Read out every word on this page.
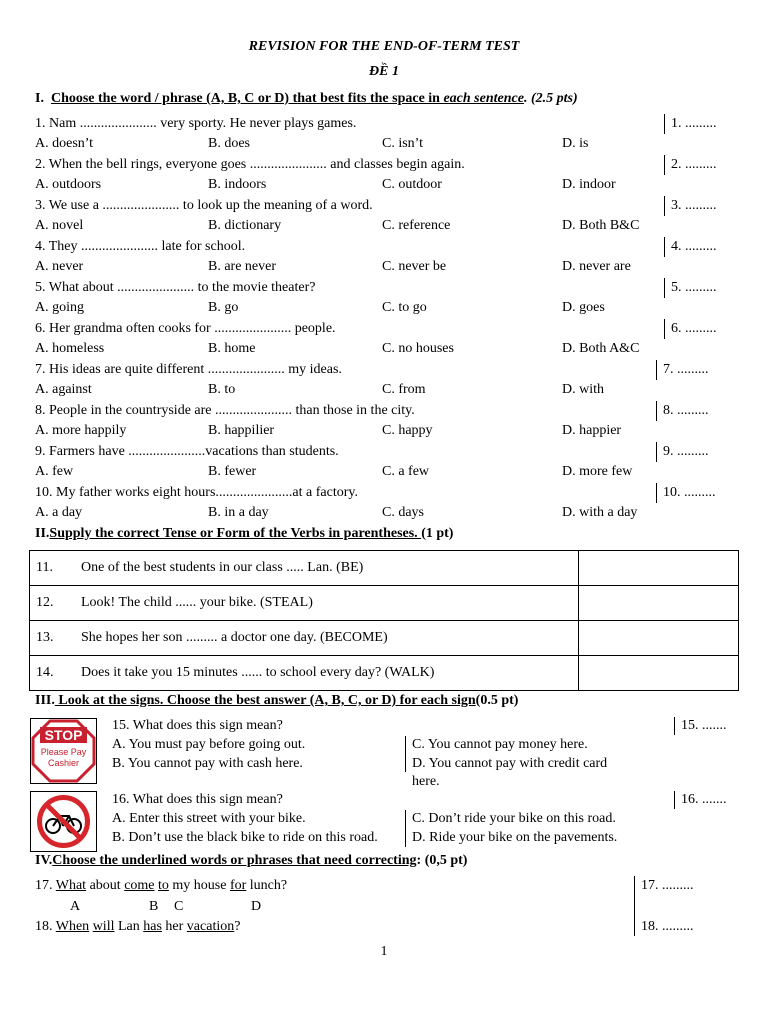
REVISION FOR THE END-OF-TERM TEST
ĐỀ 1
I. Choose the word / phrase (A, B, C or D) that best fits the space in each sentence. (2.5 pts)
1. Nam ...................... very sporty. He never plays games.	1. .........
A. doesn’t	B. does	C. isn’t	D. is
2. When the bell rings, everyone goes ...................... and classes begin again.	2. .........
A. outdoors	B. indoors	C. outdoor	D. indoor
3. We use a ...................... to look up the meaning of a word.	3. .........
A. novel	B. dictionary	C. reference	D. Both B&C
4. They ...................... late for school.	4. .........
A. never	B. are never	C. never be	D. never are
5. What about ...................... to the movie theater?	5. .........
A. going	B. go	C. to go	D. goes
6. Her grandma often cooks for ...................... people.	6. .........
A. homeless	B. home	C. no houses	D. Both A&C
7. His ideas are quite different ...................... my ideas.	7. .........
A. against	B. to	C. from	D. with
8. People in the countryside are ...................... than those in the city.	8. .........
A. more happily	B. happilier	C. happy	D. happier
9. Farmers have ......................vacations than students.	9. .........
A. few	B. fewer	C. a few	D. more few
10. My father works eight hours......................at a factory.	10. .........
A. a day	B. in a day	C. days	D. with a day
II.Supply the correct Tense or Form of the Verbs in parentheses. (1 pt)
11. One of the best students in our class ..... Lan. (BE)	
12. Look! The child ...... your bike. (STEAL)	
13. She hopes her son ......... a doctor one day. (BECOME)	
14. Does it take you 15 minutes ...... to school every day? (WALK)	
III. Look at the signs. Choose the best answer (A, B, C, or D) for each sign(0.5 pt)
STOP
Please Pay
Cashier
15. What does this sign mean?	15. .......
A. You must pay before going out.
B. You cannot pay with cash here.
C. You cannot pay money here.
D. You cannot pay with credit card
here.
16. What does this sign mean?	16. .......
A. Enter this street with your bike.
B. Don’t use the black bike to ride on this road.
C. Don’t ride your bike on this road.
D. Ride your bike on the pavements.
IV.Choose the underlined words or phrases that need correcting: (0,5 pt)
17. What about come to my house for lunch?
A	B C	D
17. .........
18. When will Lan has her vacation?	18. .........
1
